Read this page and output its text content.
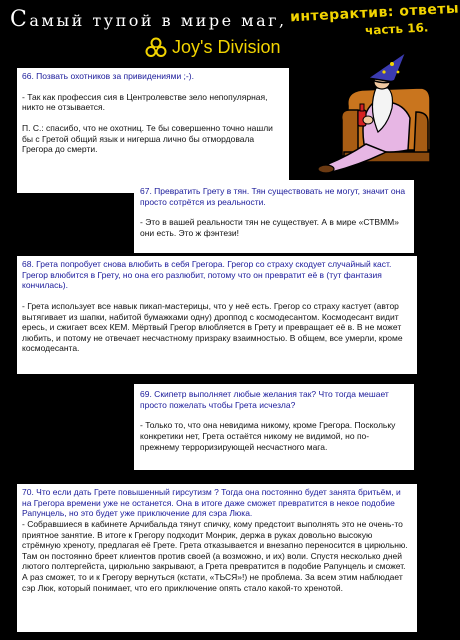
Самый тупой в мире маг, интерактив: ответы
часть 16.
Joy's Division

66. Позвать охотников за привидениями ;-).

- Так как профессия сия в Центролевстве зело непопулярная, никто не отзывается.

П. С.: спасибо, что не охотниц. Те бы совершенно точно нашли бы с Гретой общий язык и нигерша лично бы отмордовала Грегора до смерти.

67. Превратить Грету в тян. Тян существовать не могут, значит она просто сотрётся из реальности.

- Это в вашей реальности тян не существует. А в мире «СТВММ» они есть. Это ж фэнтези!

68. Грета попробует снова влюбить в себя Грегора. Грегор со страху скодует случайный каст. Грегор влюбится в Грету, но она его разлюбит, потому что он превратит её в (тут фантазия кончилась).

- Грета использует все навык пикап-мастерицы, что у неё есть. Грегор со страху кастует (автор вытягивает из шапки, набитой бумажками одну) дроппод с космодесантом. Космодесант видит ересь, и сжигает всех КЕМ. Мёртвый Грегор влюбляется в Грету и превращает её в. В не может любить, и потому не отвечает несчастному призраку взаимностью. В общем, все умерли, кроме космодесанта.

69. Скипетр выполняет любые желания так? Что тогда мешает просто пожелать чтобы Грета исчезла?

- Только то, что она невидима никому, кроме Грегора. Поскольку конкретики нет, Грета остаётся никому не видимой, но по-прежнему терроризирующей несчастного мага.

70. Что если дать Грете повышенный гирсутизм ? Тогда она постоянно будет занята бритьём, и на Грегора времени уже не останется. Она в итоге даже сможет превратится в некое подобие Рапунцель, но это будет уже приключение для сэра Люка.

- Собравшиеся в кабинете Арчибальда тянут спичку, кому предстоит выполнять это не очень-то приятное занятие. В итоге к Грегору подходит Монрик, держа в руках довольно высокую стрёмную хреноту, предлагая её Грете. Грета отказывается и внезапно переносится в цирюльню. Там он постоянно бреет клиентов против своей (а возможно, и их) воли. Спустя несколько дней лютого полтергейста, цирюльню закрывают, а Грета превратится в подобие Рапунцель и сможет. А раз сможет, то и к Грегору вернуться (кстати, «ТЬСЯ»!) не проблема. За всем этим наблюдает сэр Люк, который понимает, что его приключение опять стало какой-то хренотой.
